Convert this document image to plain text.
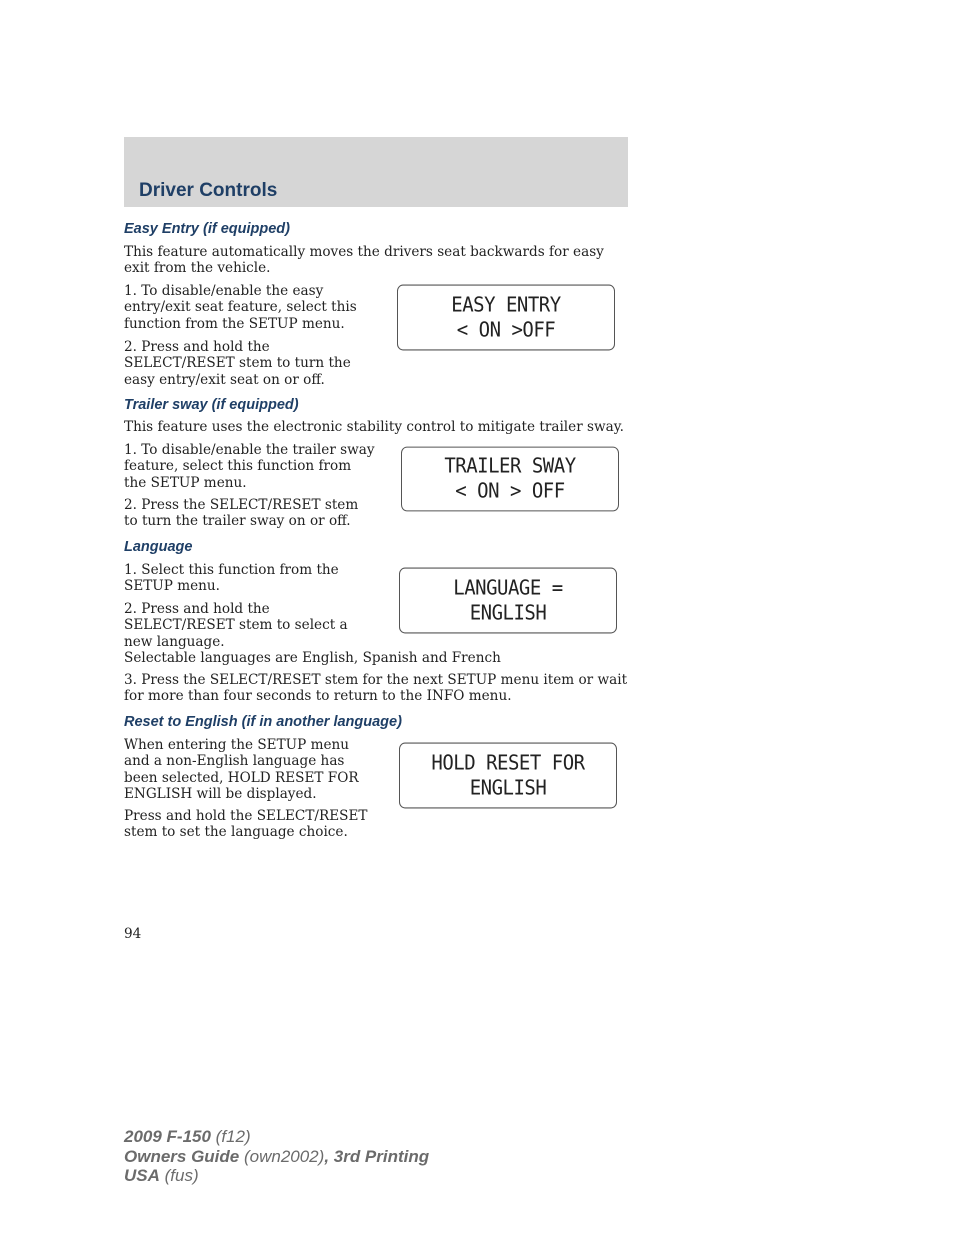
Driver Controls
Easy Entry (if equipped)
This feature automatically moves the drivers seat backwards for easy exit from the vehicle.
1. To disable/enable the easy entry/exit seat feature, select this function from the SETUP menu.
2. Press and hold the SELECT/RESET stem to turn the easy entry/exit seat on or off.
EASY ENTRY
< ON >OFF
Trailer sway (if equipped)
This feature uses the electronic stability control to mitigate trailer sway.
1. To disable/enable the trailer sway feature, select this function from the SETUP menu.
2. Press the SELECT/RESET stem to turn the trailer sway on or off.
TRAILER SWAY
< ON > OFF
Language
1. Select this function from the SETUP menu.
2. Press and hold the SELECT/RESET stem to select a new language.
Selectable languages are English, Spanish and French
3. Press the SELECT/RESET stem for the next SETUP menu item or wait for more than four seconds to return to the INFO menu.
LANGUAGE =
ENGLISH
Reset to English (if in another language)
When entering the SETUP menu and a non-English language has been selected, HOLD RESET FOR ENGLISH will be displayed.
Press and hold the SELECT/RESET stem to set the language choice.
HOLD RESET FOR
ENGLISH
94
2009 F-150 (f12)
Owners Guide (own2002), 3rd Printing
USA (fus)
